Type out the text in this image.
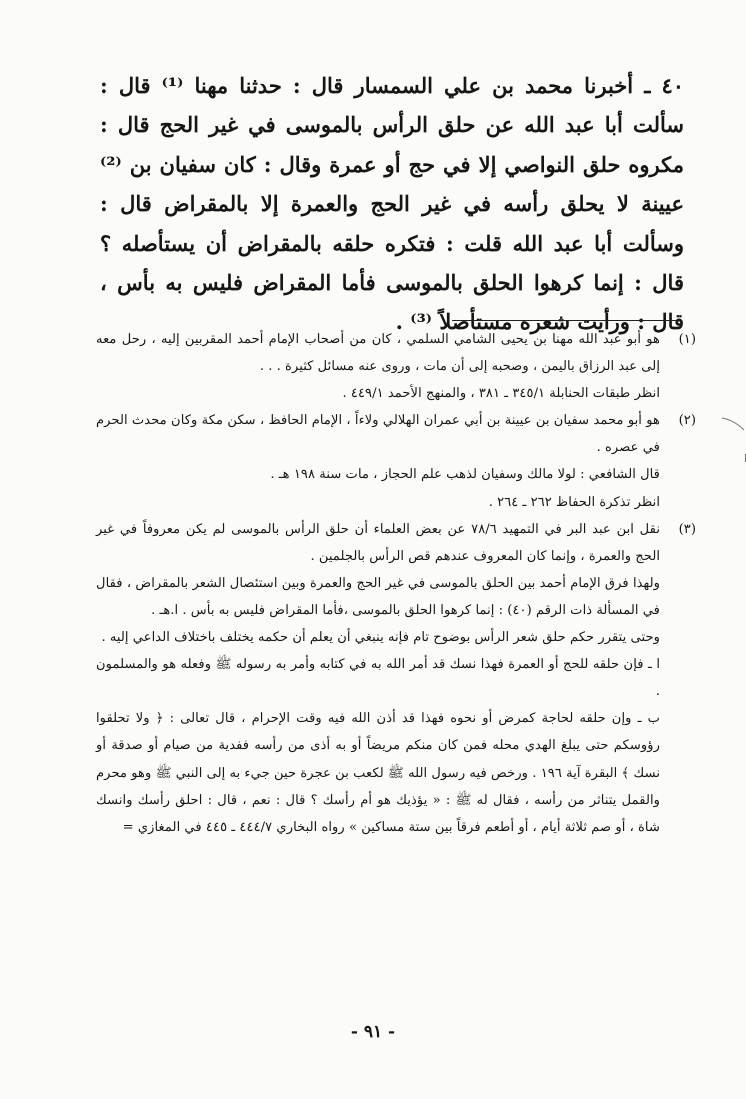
٤٠ ـ أخبرنا محمد بن علي السمسار قال : حدثنا مهنا ⁽¹⁾ قال : سألت أبا عبد الله عن حلق الرأس بالموسى في غير الحج قال : مكروه حلق النواصي إلا في حج أو عمرة وقال : كان سفيان بن ⁽²⁾ عيينة لا يحلق رأسه في غير الحج والعمرة إلا بالمقراض قال : وسألت أبا عبد الله قلت : فتكره حلقه بالمقراض أن يستأصله ؟ قال : إنما كرهوا الحلق بالموسى فأما المقراض فليس به بأس ، قال : ورأيت شعره مستأصلاً ⁽³⁾ .

(١)

هو أبو عبد الله مهنا بن يحيى الشامي السلمي ، كان من أصحاب الإمام أحمد المقربين إليه ، رحل معه إلى عبد الرزاق باليمن ، وصحبه إلى أن مات ، وروى عنه مسائل كثيرة . . .

انظر طبقات الحنابلة ٣٤٥/١ ـ ٣٨١ ، والمنهج الأحمد ٤٤٩/١ .

(٢)

هو أبو محمد سفيان بن عيينة بن أبي عمران الهلالي ولاءاً ، الإمام الحافظ ، سكن مكة وكان محدث الحرم في عصره .

قال الشافعي : لولا مالك وسفيان لذهب علم الحجاز ، مات سنة ١٩٨ هـ .

انظر تذكرة الحفاظ ٢٦٢ ـ ٢٦٤ .

(٣)

نقل ابن عبد البر في التمهيد ٧٨/٦ عن بعض العلماء أن حلق الرأس بالموسى لم يكن معروفاً في غير الحج والعمرة ، وإنما كان المعروف عندهم قص الرأس بالجلمين .

ولهذا فرق الإمام أحمد بين الحلق بالموسى في غير الحج والعمرة وبين استئصال الشعر بالمقراض ، فقال في المسألة ذات الرقم (٤٠) : إنما كرهوا الحلق بالموسى ،فأما المقراض فليس به بأس . ا.هـ .

وحتى يتقرر حكم حلق شعر الرأس بوضوح تام فإنه ينبغي أن يعلم أن حكمه يختلف باختلاف الداعي إليه .

ا ـ فإن حلقه للحج أو العمرة فهذا نسك قد أمر الله به في كتابه وأمر به رسوله ﷺ وفعله هو والمسلمون .

ب ـ وإن حلقه لحاجة كمرض أو نحوه فهذا قد أذن الله فيه وقت الإحرام ، قال تعالى : ﴿ ولا تحلقوا رؤوسكم حتى يبلغ الهدي محله فمن كان منكم مريضاً أو به أذى من رأسه ففدية من صيام أو صدقة أو نسك ﴾ البقرة آية ١٩٦ . ورخص فيه رسول الله ﷺ لكعب بن عجرة حين جيء به إلى النبي ﷺ وهو محرم والقمل يتناثر من رأسه ، فقال له ﷺ : « يؤذيك هو أم رأسك ؟ قال : نعم ، قال : احلق رأسك وانسك شاة ، أو صم ثلاثة أيام ، أو أطعم فرقاً بين ستة مساكين » رواه البخاري ٤٤٤/٧ ـ ٤٤٥ في المغازي =

- ٩١ -
